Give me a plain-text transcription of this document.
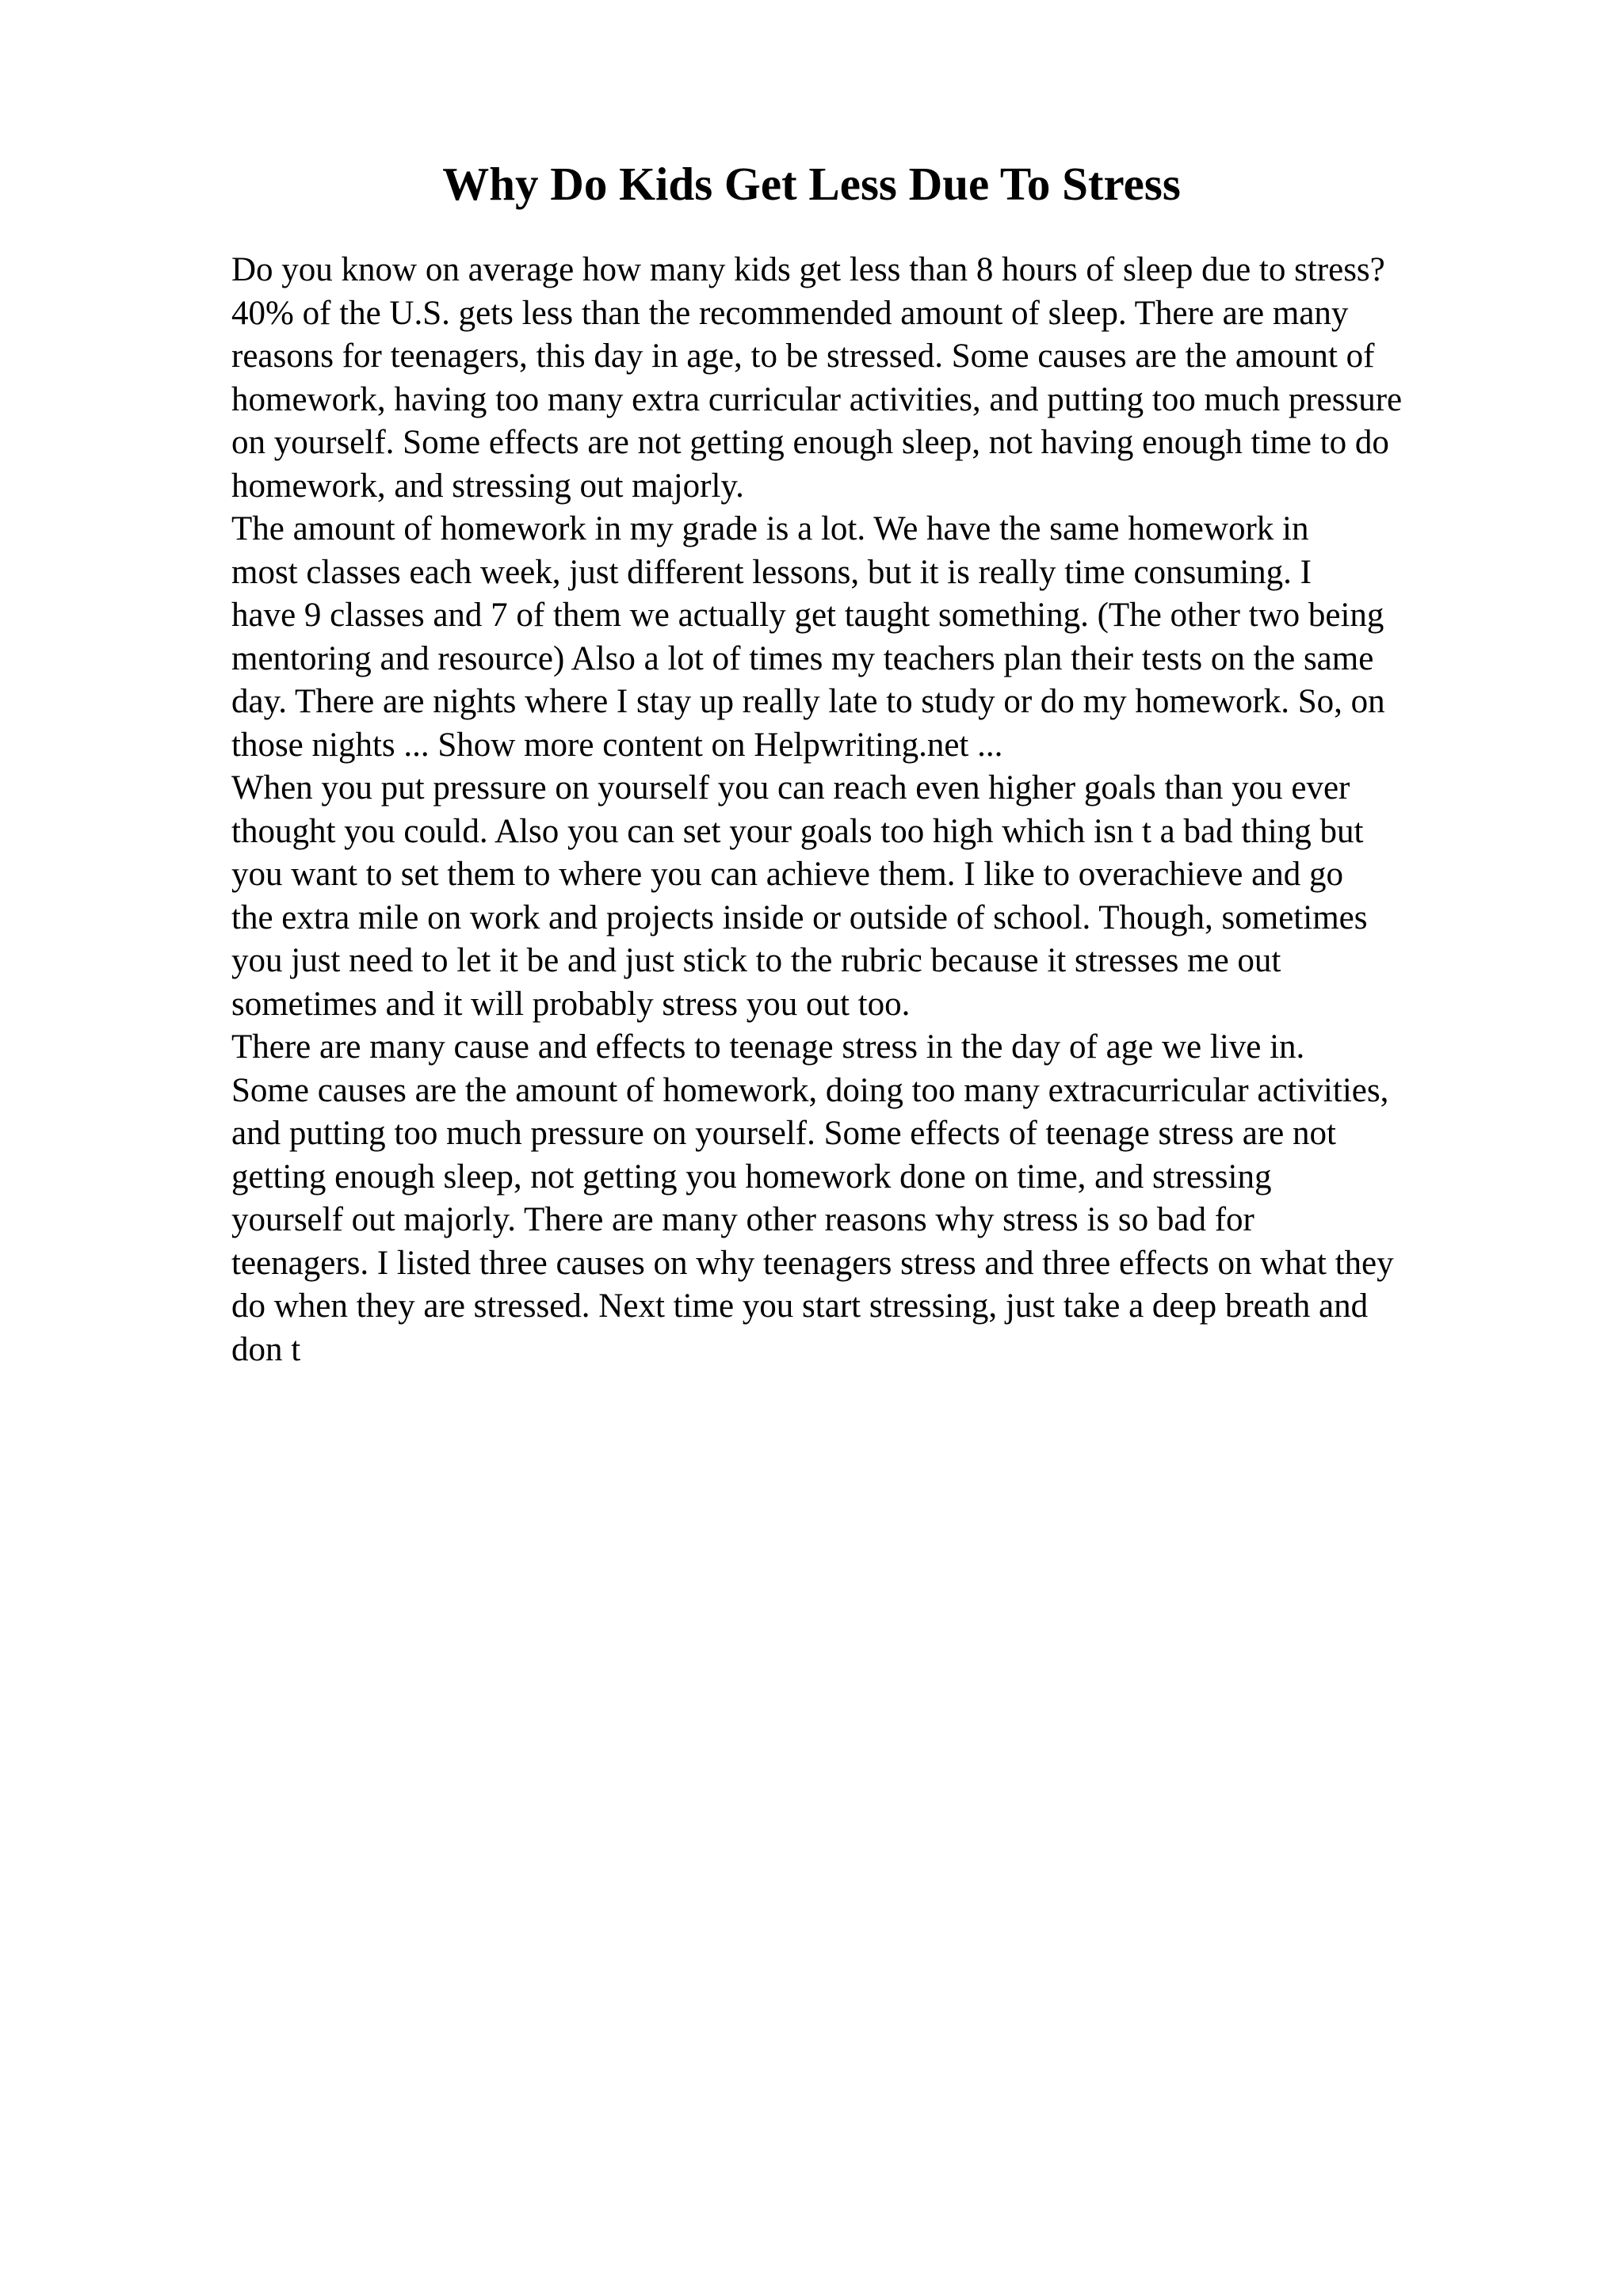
Why Do Kids Get Less Due To Stress
Do you know on average how many kids get less than 8 hours of sleep due to stress?
40% of the U.S. gets less than the recommended amount of sleep. There are many
reasons for teenagers, this day in age, to be stressed. Some causes are the amount of
homework, having too many extra curricular activities, and putting too much pressure
on yourself. Some effects are not getting enough sleep, not having enough time to do
homework, and stressing out majorly.
The amount of homework in my grade is a lot. We have the same homework in
most classes each week, just different lessons, but it is really time consuming. I
have 9 classes and 7 of them we actually get taught something. (The other two being
mentoring and resource) Also a lot of times my teachers plan their tests on the same
day. There are nights where I stay up really late to study or do my homework. So, on
those nights ... Show more content on Helpwriting.net ...
When you put pressure on yourself you can reach even higher goals than you ever
thought you could. Also you can set your goals too high which isn t a bad thing but
you want to set them to where you can achieve them. I like to overachieve and go
the extra mile on work and projects inside or outside of school. Though, sometimes
you just need to let it be and just stick to the rubric because it stresses me out
sometimes and it will probably stress you out too.
There are many cause and effects to teenage stress in the day of age we live in.
Some causes are the amount of homework, doing too many extracurricular activities,
and putting too much pressure on yourself. Some effects of teenage stress are not
getting enough sleep, not getting you homework done on time, and stressing
yourself out majorly. There are many other reasons why stress is so bad for
teenagers. I listed three causes on why teenagers stress and three effects on what they
do when they are stressed. Next time you start stressing, just take a deep breath and
don t
